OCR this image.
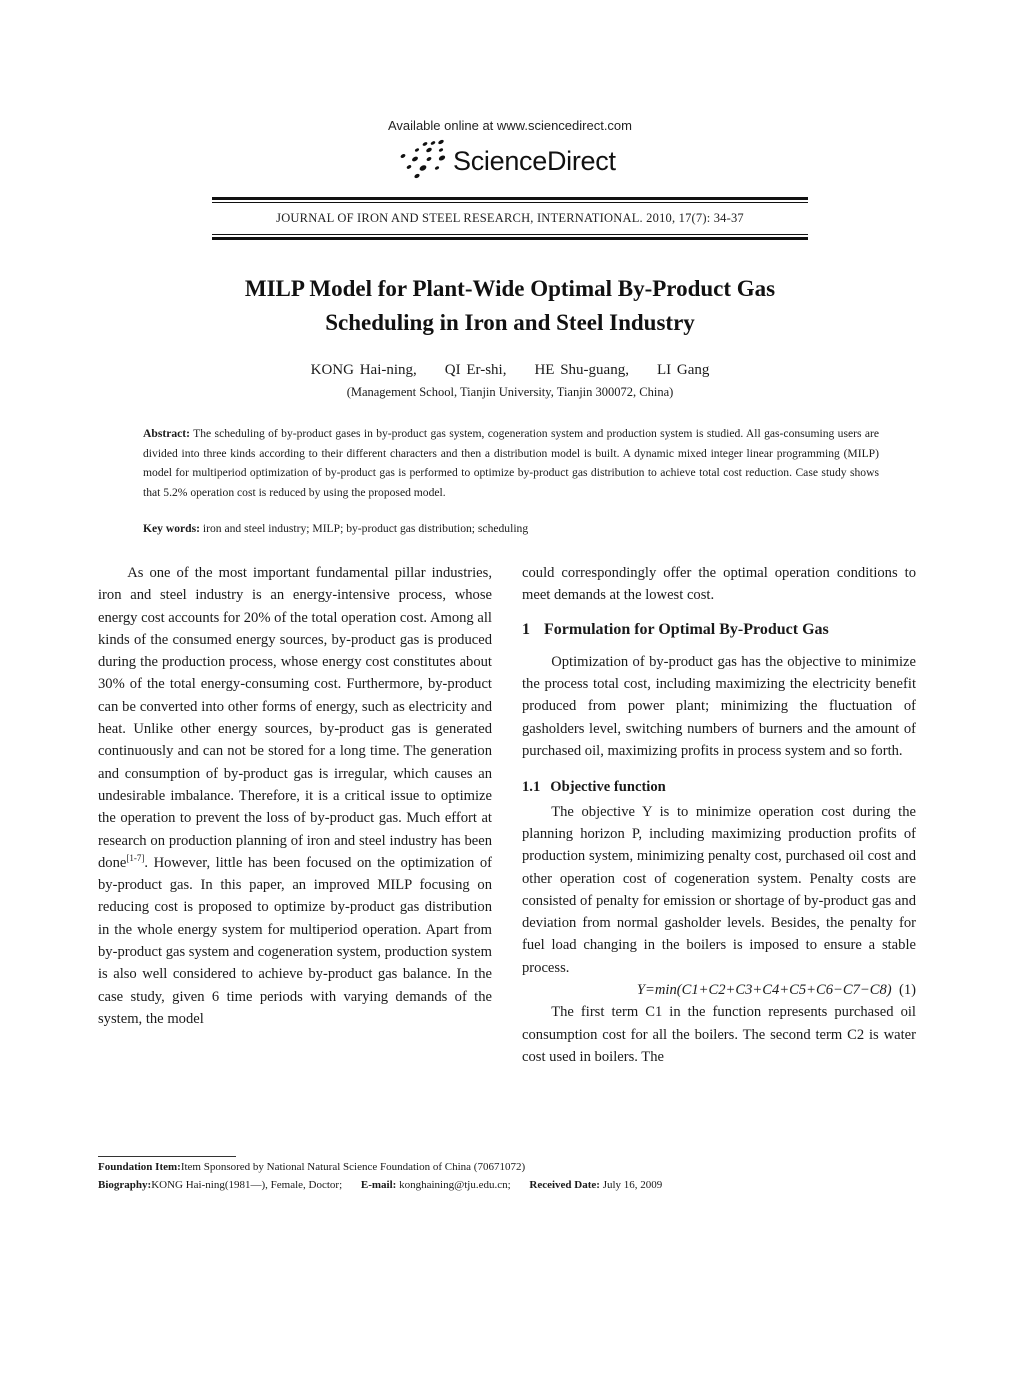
Available online at www.sciencedirect.com
ScienceDirect
JOURNAL OF IRON AND STEEL RESEARCH, INTERNATIONAL. 2010, 17(7): 34-37
MILP Model for Plant-Wide Optimal By-Product Gas
Scheduling in Iron and Steel Industry
KONG Hai-ning, QI Er-shi, HE Shu-guang, LI Gang
(Management School, Tianjin University, Tianjin 300072, China)
Abstract: The scheduling of by-product gases in by-product gas system, cogeneration system and production system is studied. All gas-consuming users are divided into three kinds according to their different characters and then a distribution model is built. A dynamic mixed integer linear programming (MILP) model for multiperiod optimization of by-product gas is performed to optimize by-product gas distribution to achieve total cost reduction. Case study shows that 5.2% operation cost is reduced by using the proposed model.
Key words: iron and steel industry; MILP; by-product gas distribution; scheduling

As one of the most important fundamental pillar industries, iron and steel industry is an energy-intensive process, whose energy cost accounts for 20% of the total operation cost. Among all kinds of the consumed energy sources, by-product gas is produced during the production process, whose energy cost constitutes about 30% of the total energy-consuming cost. Furthermore, by-product can be converted into other forms of energy, such as electricity and heat. Unlike other energy sources, by-product gas is generated continuously and can not be stored for a long time. The generation and consumption of by-product gas is irregular, which causes an undesirable imbalance. Therefore, it is a critical issue to optimize the operation to prevent the loss of by-product gas. Much effort at research on production planning of iron and steel industry has been done[1-7]. However, little has been focused on the optimization of by-product gas. In this paper, an improved MILP focusing on reducing cost is proposed to optimize by-product gas distribution in the whole energy system for multiperiod operation. Apart from by-product gas system and cogeneration system, production system is also well considered to achieve by-product gas balance. In the case study, given 6 time periods with varying demands of the system, the model

could correspondingly offer the optimal operation conditions to meet demands at the lowest cost.

1 Formulation for Optimal By-Product Gas

Optimization of by-product gas has the objective to minimize the process total cost, including maximizing the electricity benefit produced from power plant; minimizing the fluctuation of gasholders level, switching numbers of burners and the amount of purchased oil, maximizing profits in process system and so forth.

1.1 Objective function

The objective Y is to minimize operation cost during the planning horizon P, including maximizing production profits of production system, minimizing penalty cost, purchased oil cost and other operation cost of cogeneration system. Penalty costs are consisted of penalty for emission or shortage of by-product gas and deviation from normal gasholder levels. Besides, the penalty for fuel load changing in the boilers is imposed to ensure a stable process.

Y=min(C1+C2+C3+C4+C5+C6−C7−C8) (1)

The first term C1 in the function represents purchased oil consumption cost for all the boilers. The second term C2 is water cost used in boilers. The

Foundation Item:Item Sponsored by National Natural Science Foundation of China (70671072)
Biography:KONG Hai-ning(1981—), Female, Doctor; E-mail: konghaining@tju.edu.cn; Received Date: July 16, 2009
